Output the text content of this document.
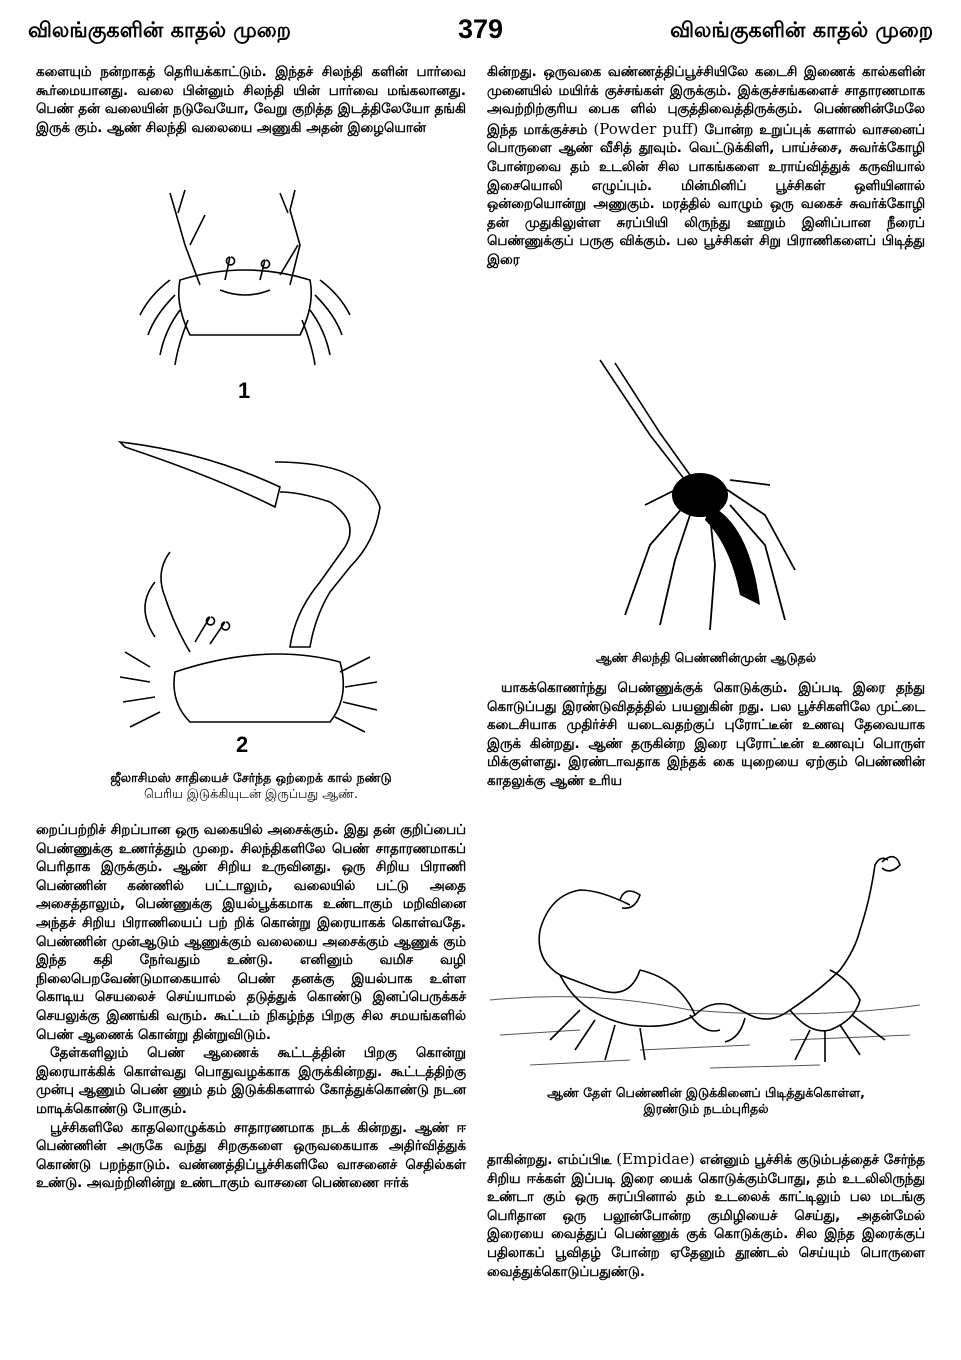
விலங்குகளின் காதல் முறை	379	விலங்குகளின் காதல் முறை

களையும் நன்றாகத் தெரியக்காட்டும். இந்தச் சிலந்தி களின் பார்வை கூர்மையானது. வலை பின்னும் சிலந்தி யின் பார்வை மங்கலானது. பெண் தன் வலையின் நடுவேயோ, வேறு குறித்த இடத்திலேயோ தங்கி இருக் கும். ஆண் சிலந்தி வலையை அணுகி அதன் இழையொன்

1
2
ஜீலாசிமஸ் சாதியைச் சேர்ந்த ஒற்றைக் கால் நண்டு
பெரிய இடுக்கியுடன் இருப்பது ஆண்.

றைப்பற்றிச் சிறப்பான ஒரு வகையில் அசைக்கும். இது தன் குறிப்பைப் பெண்ணுக்கு உணர்த்தும் முறை. சிலந்திகளிலே பெண் சாதாரணமாகப் பெரிதாக இருக்கும். ஆண் சிறிய உருவினது. ஒரு சிறிய பிராணி பெண்ணின் கண்ணில் பட்டாலும், வலையில் பட்டு அதை அசைத்தாலும், பெண்ணுக்கு இயல்பூக்கமாக உண்டாகும் மறிவினை அந்தச் சிறிய பிராணியைப் பற் றிக் கொன்று இரையாகக் கொள்வதே. பெண்ணின் முன்ஆடும் ஆணுக்கும் வலையை அசைக்கும் ஆணுக் கும் இந்த கதி நேர்வதும் உண்டு. எனினும் வமிச வழி நிலைபெறவேண்டுமாகையால் பெண் தனக்கு இயல்பாக உள்ள கொடிய செயலைச் செய்யாமல் தடுத்துக் கொண்டு இனப்பெருக்கச் செயலுக்கு இணங்கி வரும். கூட்டம் நிகழ்ந்த பிறகு சில சமயங்களில் பெண் ஆணைக் கொன்று தின்றுவிடும்.

தேள்களிலும் பெண் ஆணைக் கூட்டத்தின் பிறகு கொன்று இரையாக்கிக் கொள்வது பொதுவழக்காக இருக்கின்றது. கூட்டத்திற்கு முன்பு ஆணும் பெண் ணும் தம் இடுக்கிகளால் கோத்துக்கொண்டு நடன மாடிக்கொண்டு போகும்.

பூச்சிகளிலே காதலொழுக்கம் சாதாரணமாக நடக் கின்றது. ஆண் ஈ பெண்ணின் அருகே வந்து சிறகுகளை ஒருவகையாக அதிர்வித்துக் கொண்டு பறந்தாடும். வண்ணத்திப்பூச்சிகளிலே வாசனைச் செதில்கள் உண்டு. அவற்றினின்று உண்டாகும் வாசனை பெண்ணை ஈர்க்

கின்றது. ஒருவகை வண்ணத்திப்பூச்சியிலே கடைசி இணைக் கால்களின் முனையில் மயிர்க் குச்சங்கள் இருக்கும். இக்குச்சங்களைச் சாதாரணமாக அவற்றிற்குரிய பைக ளில் புகுத்திவைத்திருக்கும். பெண்ணின்மேலே இந்த மாக்குச்சம் (Powder puff) போன்ற உறுப்புக் களால் வாசனைப் பொருளை ஆண் வீசித் தூவும். வெட்டுக்கிளி, பாய்ச்சை, சுவர்க்கோழி போன்றவை தம் உடலின் சில பாகங்களை உராய்வித்துக் கருவியால் இசையொலி எழுப்பும். மின்மினிப் பூச்சிகள் ஒளியினால் ஒன்றையொன்று அணுகும். மரத்தில் வாழும் ஒரு வகைச் சுவர்க்கோழி தன் முதுகிலுள்ள சுரப்பியி லிருந்து ஊறும் இனிப்பான நீரைப் பெண்ணுக்குப் பருகு விக்கும். பல பூச்சிகள் சிறு பிராணிகளைப் பிடித்து இரை

ஆண் சிலந்தி பெண்ணின்முன் ஆடுதல்

யாகக்கொணர்ந்து பெண்ணுக்குக் கொடுக்கும். இப்படி இரை தந்து கொடுப்பது இரண்டுவிதத்தில் பயனுகின் றது. பல பூச்சிகளிலே முட்டை கடைசியாக முதிர்ச்சி யடைவதற்குப் புரோட்டீன் உணவு தேவையாக இருக் கின்றது. ஆண் தருகின்ற இரை புரோட்டீன் உணவுப் பொருள் மிக்குள்ளது. இரண்டாவதாக இந்தக் கை யுறையை ஏற்கும் பெண்ணின் காதலுக்கு ஆண் உரிய

ஆண் தேள் பெண்ணின் இடுக்கினைப் பிடித்துக்கொள்ள,
இரண்டும் நடம்புரிதல்

தாகின்றது. எம்ப்பிடீ (Empidae) என்னும் பூச்சிக் குடும்பத்தைச் சேர்ந்த சிறிய ஈக்கள் இப்படி இரை யைக் கொடுக்கும்போது, தம் உடலிலிருந்து உண்டா கும் ஒரு சுரப்பினால் தம் உடலைக் காட்டிலும் பல மடங்கு பெரிதான ஒரு பலூன்போன்ற குமிழியைச் செய்து, அதன்மேல் இரையை வைத்துப் பெண்ணுக் குக் கொடுக்கும். சில இந்த இரைக்குப் பதிலாகப் பூவிதழ் போன்ற ஏதேனும் தூண்டல் செய்யும் பொருளை வைத்துக்கொடுப்பதுண்டு.
